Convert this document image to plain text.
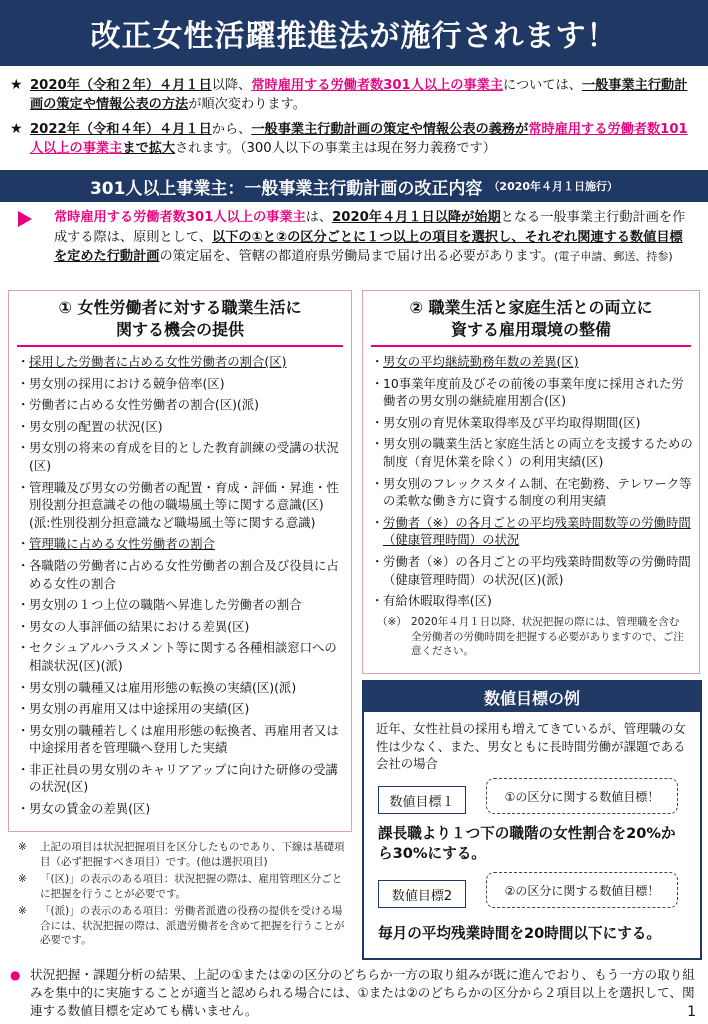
改正女性活躍推進法が施行されます！
★ 2020年（令和２年）４月１日以降、常時雇用する労働者数301人以上の事業主については、一般事業主行動計画の策定や情報公表の方法が順次変わります。
★ 2022年（令和４年）４月１日から、一般事業主行動計画の策定や情報公表の義務が常時雇用する労働者数101人以上の事業主まで拡大されます。（300人以下の事業主は現在努力義務です）
301人以上事業主：一般事業主行動計画の改正内容 （2020年４月１日施行）
常時雇用する労働者数301人以上の事業主は、2020年４月１日以降が始期となる一般事業主行動計画を作成する際は、原則として、以下の①と②の区分ごとに１つ以上の項目を選択し、それぞれ関連する数値目標を定めた行動計画の策定届を、管轄の都道府県労働局まで届け出る必要があります。(電子申請、郵送、持参)
① 女性労働者に対する職業生活に
関する機会の提供
・ 採用した労働者に占める女性労働者の割合(区)
・ 男女別の採用における競争倍率(区)
・ 労働者に占める女性労働者の割合(区)(派)
・ 男女別の配置の状況(区)
・ 男女別の将来の育成を目的とした教育訓練の受講の状況(区)
・ 管理職及び男女の労働者の配置・育成・評価・昇進・性別役割分担意識その他の職場風土等に関する意識(区) (派:性別役割分担意識など職場風土等に関する意識)
・ 管理職に占める女性労働者の割合
・ 各職階の労働者に占める女性労働者の割合及び役員に占める女性の割合
・ 男女別の１つ上位の職階へ昇進した労働者の割合
・ 男女の人事評価の結果における差異(区)
・ セクシュアルハラスメント等に関する各種相談窓口への相談状況(区)(派)
・ 男女別の職種又は雇用形態の転換の実績(区)(派)
・ 男女別の再雇用又は中途採用の実績(区)
・ 男女別の職種若しくは雇用形態の転換者、再雇用者又は中途採用者を管理職へ登用した実績
・ 非正社員の男女別のキャリアアップに向けた研修の受講の状況(区)
・ 男女の賃金の差異(区)
※ 上記の項目は状況把握項目を区分したものであり、下線は基礎項目（必ず把握すべき項目）です。(他は選択項目)
※ 「(区)」の表示のある項目：状況把握の際は、雇用管理区分ごとに把握を行うことが必要です。
※ 「(派)」の表示のある項目：労働者派遣の役務の提供を受ける場合には、状況把握の際は、派遣労働者を含めて把握を行うことが必要です。
② 職業生活と家庭生活との両立に
資する雇用環境の整備
・ 男女の平均継続勤務年数の差異(区)
・ 10事業年度前及びその前後の事業年度に採用された労働者の男女別の継続雇用割合(区)
・ 男女別の育児休業取得率及び平均取得期間(区)
・ 男女別の職業生活と家庭生活との両立を支援するための制度（育児休業を除く）の利用実績(区)
・ 男女別のフレックスタイム制、在宅勤務、テレワーク等の柔軟な働き方に資する制度の利用実績
・ 労働者（※）の各月ごとの平均残業時間数等の労働時間 （健康管理時間）の状況
・ 労働者（※）の各月ごとの平均残業時間数等の労働時間 （健康管理時間）の状況(区)(派)
・ 有給休暇取得率(区)
（※） 2020年４月１日以降、状況把握の際には、管理職を含む全労働者の労働時間を把握する必要がありますので、ご注意ください。
数値目標の例
近年、女性社員の採用も増えてきているが、管理職の女性は少なく、また、男女ともに長時間労働が課題である会社の場合
数値目標１	①の区分に関する数値目標！
課長職より１つ下の職階の女性割合を20%から30%にする。
数値目標2	②の区分に関する数値目標！
毎月の平均残業時間を20時間以下にする。
● 状況把握・課題分析の結果、上記の①または②の区分のどちらか一方の取り組みが既に進んでおり、もう一方の取り組みを集中的に実施することが適当と認められる場合には、①または②のどちらかの区分から２項目以上を選択して、関連する数値目標を定めても構いません。	1
